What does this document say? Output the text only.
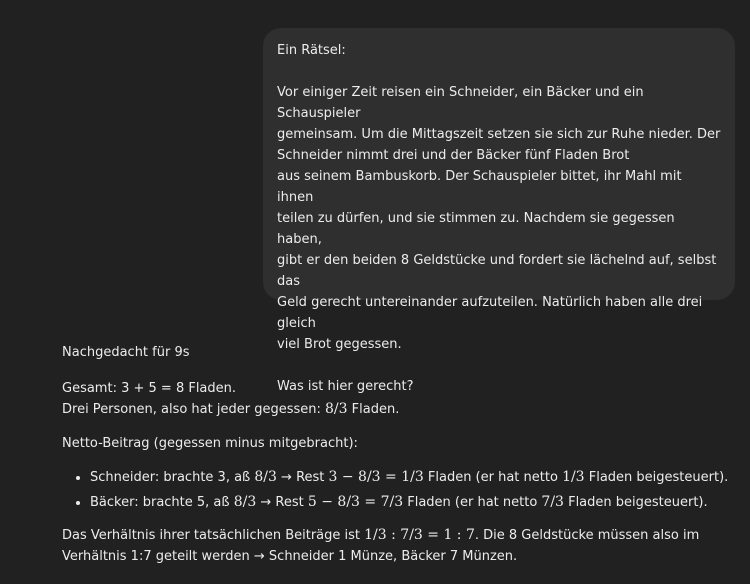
Ein Rätsel:

Vor einiger Zeit reisen ein Schneider, ein Bäcker und ein Schauspieler

gemeinsam. Um die Mittagszeit setzen sie sich zur Ruhe nieder. Der

Schneider nimmt drei und der Bäcker fünf Fladen Brot

aus seinem Bambuskorb. Der Schauspieler bittet, ihr Mahl mit ihnen

teilen zu dürfen, und sie stimmen zu. Nachdem sie gegessen haben,

gibt er den beiden 8 Geldstücke und fordert sie lächelnd auf, selbst das

Geld gerecht untereinander aufzuteilen. Natürlich haben alle drei gleich

viel Brot gegessen.

Was ist hier gerecht?

Nachgedacht für 9s

Gesamt: 3 + 5 = 8 Fladen.

Drei Personen, also hat jeder gegessen: 8/3 Fladen.

Netto-Beitrag (gegessen minus mitgebracht):

• Schneider: brachte 3, aß 8/3 → Rest 3 − 8/3 = 1/3 Fladen (er hat netto 1/3 Fladen beigesteuert).
• Bäcker: brachte 5, aß 8/3 → Rest 5 − 8/3 = 7/3 Fladen (er hat netto 7/3 Fladen beigesteuert).

Das Verhältnis ihrer tatsächlichen Beiträge ist 1/3 : 7/3 = 1 : 7. Die 8 Geldstücke müssen also im

Verhältnis 1:7 geteilt werden → Schneider 1 Münze, Bäcker 7 Münzen.
